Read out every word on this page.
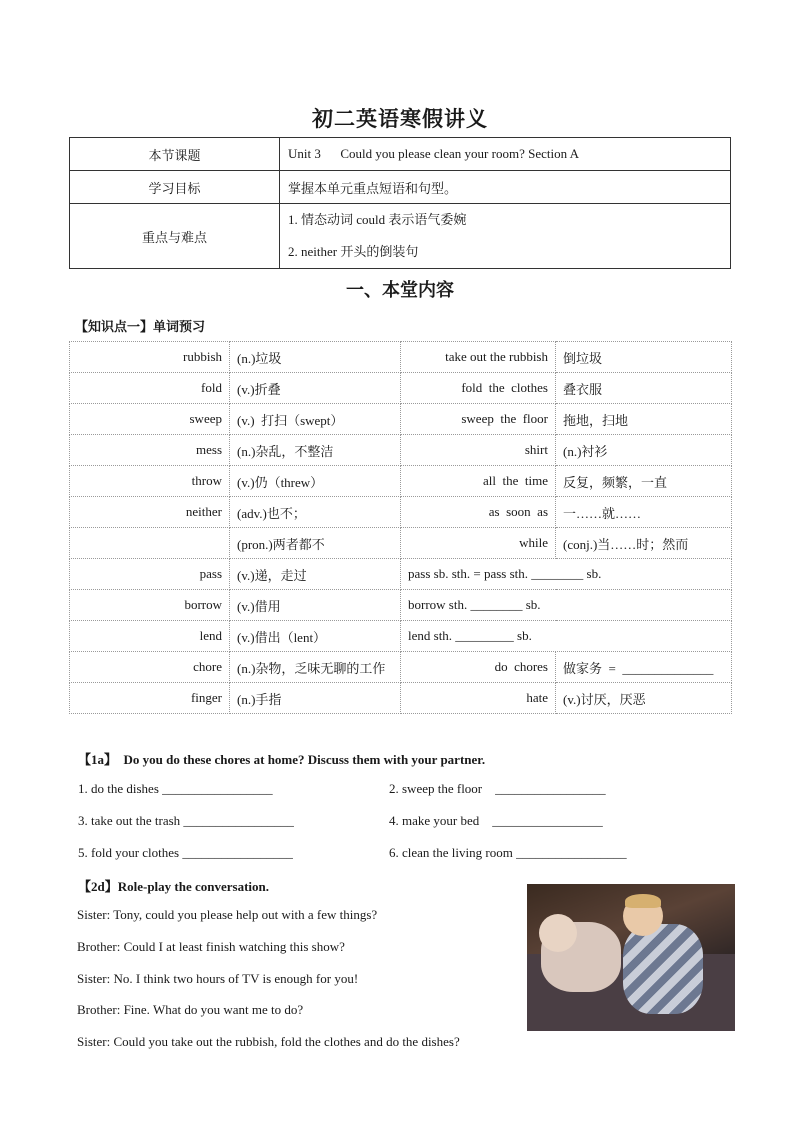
初二英语寒假讲义
本节课题	Unit 3      Could you please clean your room? Section A
学习目标	掌握本单元重点短语和句型。
重点与难点	1. 情态动词 could 表示语气委婉
2. neither 开头的倒装句
一、本堂内容
【知识点一】单词预习
rubbish	(n.)垃圾	take out the rubbish	倒垃圾
fold	(v.)折叠	fold  the  clothes	叠衣服
sweep	(v.)  打扫（swept）	sweep  the  floor	拖地，扫地
mess	(n.)杂乱，不整洁	shirt	(n.)衬衫
throw	(v.)仍（threw）	all  the  time	反复，频繁，一直
neither	(adv.)也不；	as  soon  as	一……就……
	(pron.)两者都不	while	(conj.)当……时；然而
pass	(v.)递，走过	pass sb. sth. = pass sth. ________ sb.	
borrow	(v.)借用	borrow sth. ________ sb.	
lend	(v.)借出（lent）	lend sth. _________ sb.	
chore	(n.)杂物，乏味无聊的工作	do  chores	做家务  =  ______________
finger	(n.)手指	hate	(v.)讨厌，厌恶
【1a】  Do you do these chores at home? Discuss them with your partner.
1. do the dishes _________________	2. sweep the floor    _________________
3. take out the trash _________________	4. make your bed    _________________
5. fold your clothes _________________	6. clean the living room _________________
【2d】Role-play the conversation.
Sister: Tony, could you please help out with a few things?
Brother: Could I at least finish watching this show?
Sister: No. I think two hours of TV is enough for you!
Brother: Fine. What do you want me to do?
Sister: Could you take out the rubbish, fold the clothes and do the dishes?
